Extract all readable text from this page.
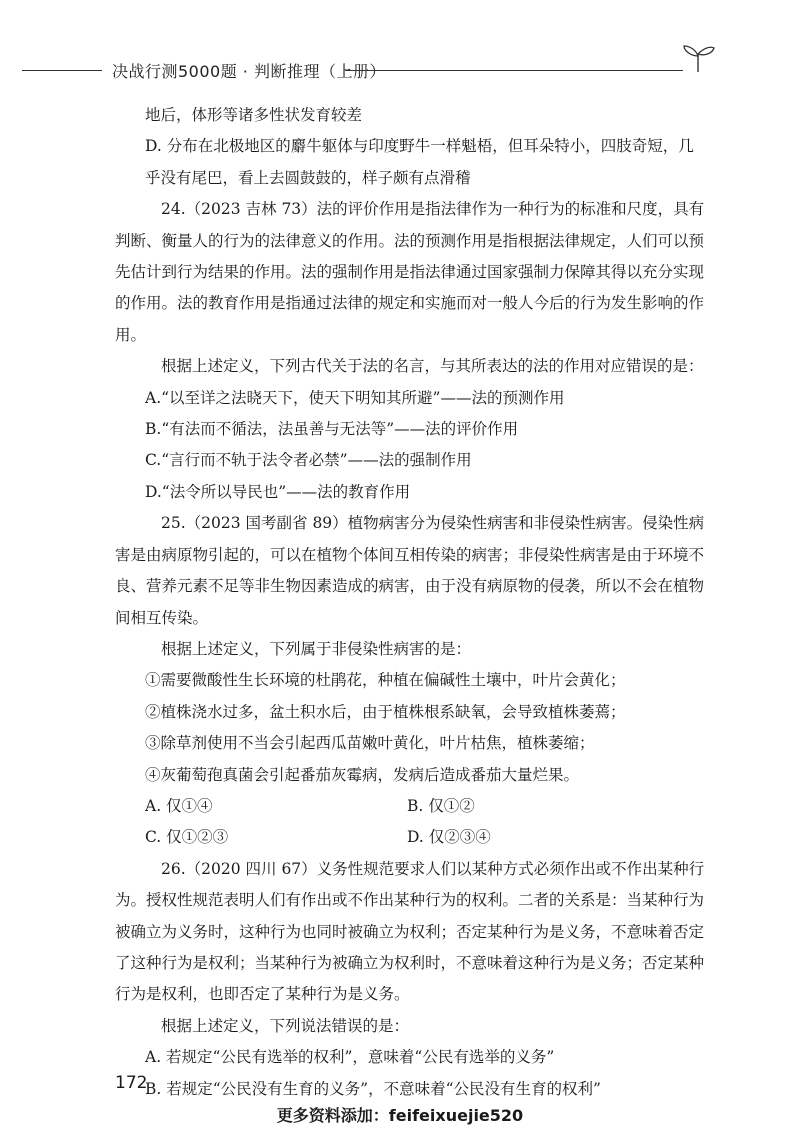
决战行测5000题 · 判断推理（上册）

地后，体形等诸多性状发育较差

D. 分布在北极地区的麝牛躯体与印度野牛一样魁梧，但耳朵特小，四肢奇短，几

乎没有尾巴，看上去圆鼓鼓的，样子颇有点滑稽

24.（2023 吉林 73）法的评价作用是指法律作为一种行为的标准和尺度，具有判断、衡量人的行为的法律意义的作用。法的预测作用是指根据法律规定，人们可以预先估计到行为结果的作用。法的强制作用是指法律通过国家强制力保障其得以充分实现的作用。法的教育作用是指通过法律的规定和实施而对一般人今后的行为发生影响的作用。

根据上述定义，下列古代关于法的名言，与其所表达的法的作用对应错误的是：

A.“以至详之法晓天下，使天下明知其所避”——法的预测作用

B.“有法而不循法，法虽善与无法等”——法的评价作用

C.“言行而不轨于法令者必禁”——法的强制作用

D.“法令所以导民也”——法的教育作用

25.（2023 国考副省 89）植物病害分为侵染性病害和非侵染性病害。侵染性病害是由病原物引起的，可以在植物个体间互相传染的病害；非侵染性病害是由于环境不良、营养元素不足等非生物因素造成的病害，由于没有病原物的侵袭，所以不会在植物间相互传染。

根据上述定义，下列属于非侵染性病害的是：

①需要微酸性生长环境的杜鹃花，种植在偏碱性土壤中，叶片会黄化；

②植株浇水过多，盆土积水后，由于植株根系缺氧，会导致植株萎蔫；

③除草剂使用不当会引起西瓜苗嫩叶黄化，叶片枯焦，植株萎缩；

④灰葡萄孢真菌会引起番茄灰霉病，发病后造成番茄大量烂果。

A. 仅①④	B. 仅①②
C. 仅①②③	D. 仅②③④

26.（2020 四川 67）义务性规范要求人们以某种方式必须作出或不作出某种行为。授权性规范表明人们有作出或不作出某种行为的权利。二者的关系是：当某种行为被确立为义务时，这种行为也同时被确立为权利；否定某种行为是义务，不意味着否定了这种行为是权利；当某种行为被确立为权利时，不意味着这种行为是义务；否定某种行为是权利，也即否定了某种行为是义务。

根据上述定义，下列说法错误的是：

A. 若规定“公民有选举的权利”，意味着“公民有选举的义务”

B. 若规定“公民没有生育的义务”，不意味着“公民没有生育的权利”

172
更多资料添加：feifeixuejie520
